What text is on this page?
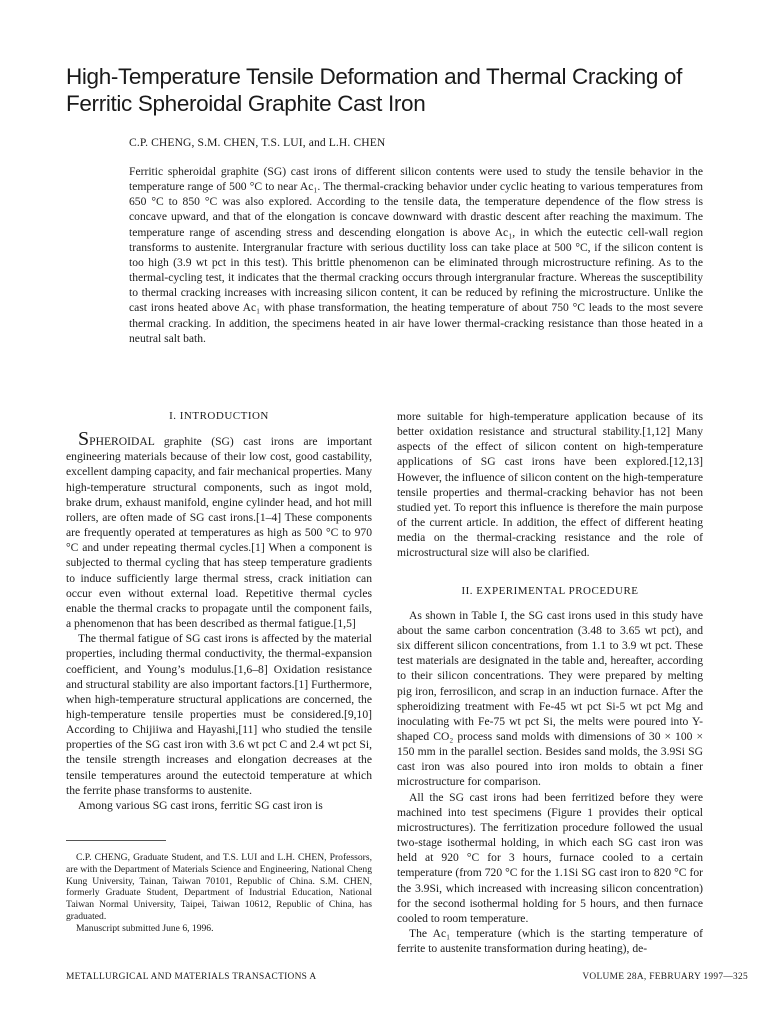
High-Temperature Tensile Deformation and Thermal Cracking of Ferritic Spheroidal Graphite Cast Iron
C.P. CHENG, S.M. CHEN, T.S. LUI, and L.H. CHEN

Ferritic spheroidal graphite (SG) cast irons of different silicon contents were used to study the tensile behavior in the temperature range of 500 °C to near Ac₁. The thermal-cracking behavior under cyclic heating to various temperatures from 650 °C to 850 °C was also explored. According to the tensile data, the temperature dependence of the flow stress is concave upward, and that of the elongation is concave downward with drastic descent after reaching the maximum. The temperature range of ascending stress and descending elongation is above Ac₁, in which the eutectic cell-wall region transforms to austenite. Intergranular fracture with serious ductility loss can take place at 500 °C, if the silicon content is too high (3.9 wt pct in this test). This brittle phenomenon can be eliminated through microstructure refining. As to the thermal-cycling test, it indicates that the thermal cracking occurs through intergranular fracture. Whereas the susceptibility to thermal cracking increases with increasing silicon content, it can be reduced by refining the microstructure. Unlike the cast irons heated above Ac₁ with phase transformation, the heating temperature of about 750 °C leads to the most severe thermal cracking. In addition, the specimens heated in air have lower thermal-cracking resistance than those heated in a neutral salt bath.

I. INTRODUCTION

SPHEROIDAL graphite (SG) cast irons are important engineering materials because of their low cost, good castability, excellent damping capacity, and fair mechanical properties. Many high-temperature structural components, such as ingot mold, brake drum, exhaust manifold, engine cylinder head, and hot mill rollers, are often made of SG cast irons.[1–4] These components are frequently operated at temperatures as high as 500 °C to 970 °C and under repeating thermal cycles.[1] When a component is subjected to thermal cycling that has steep temperature gradients to induce sufficiently large thermal stress, crack initiation can occur even without external load. Repetitive thermal cycles enable the thermal cracks to propagate until the component fails, a phenomenon that has been described as thermal fatigue.[1,5]

The thermal fatigue of SG cast irons is affected by the material properties, including thermal conductivity, the thermal-expansion coefficient, and Young’s modulus.[1,6–8] Oxidation resistance and structural stability are also important factors.[1] Furthermore, when high-temperature structural applications are concerned, the high-temperature tensile properties must be considered.[9,10] According to Chijiiwa and Hayashi,[11] who studied the tensile properties of the SG cast iron with 3.6 wt pct C and 2.4 wt pct Si, the tensile strength increases and elongation decreases at the tensile temperatures around the eutectoid temperature at which the ferrite phase transforms to austenite.

Among various SG cast irons, ferritic SG cast iron is

more suitable for high-temperature application because of its better oxidation resistance and structural stability.[1,12] Many aspects of the effect of silicon content on high-temperature applications of SG cast irons have been explored.[12,13] However, the influence of silicon content on the high-temperature tensile properties and thermal-cracking behavior has not been studied yet. To report this influence is therefore the main purpose of the current article. In addition, the effect of different heating media on the thermal-cracking resistance and the role of microstructural size will also be clarified.

II. EXPERIMENTAL PROCEDURE

As shown in Table I, the SG cast irons used in this study have about the same carbon concentration (3.48 to 3.65 wt pct), and six different silicon concentrations, from 1.1 to 3.9 wt pct. These test materials are designated in the table and, hereafter, according to their silicon concentrations. They were prepared by melting pig iron, ferrosilicon, and scrap in an induction furnace. After the spheroidizing treatment with Fe-45 wt pct Si-5 wt pct Mg and inoculating with Fe-75 wt pct Si, the melts were poured into Y-shaped CO₂ process sand molds with dimensions of 30 × 100 × 150 mm in the parallel section. Besides sand molds, the 3.9Si SG cast iron was also poured into iron molds to obtain a finer microstructure for comparison.

All the SG cast irons had been ferritized before they were machined into test specimens (Figure 1 provides their optical microstructures). The ferritization procedure followed the usual two-stage isothermal holding, in which each SG cast iron was held at 920 °C for 3 hours, furnace cooled to a certain temperature (from 720 °C for the 1.1Si SG cast iron to 820 °C for the 3.9Si, which increased with increasing silicon concentration) for the second isothermal holding for 5 hours, and then furnace cooled to room temperature.

The Ac₁ temperature (which is the starting temperature of ferrite to austenite transformation during heating), de-

C.P. CHENG, Graduate Student, and T.S. LUI and L.H. CHEN, Professors, are with the Department of Materials Science and Engineering, National Cheng Kung University, Tainan, Taiwan 70101, Republic of China. S.M. CHEN, formerly Graduate Student, Department of Industrial Education, National Taiwan Normal University, Taipei, Taiwan 10612, Republic of China, has graduated.

Manuscript submitted June 6, 1996.

METALLURGICAL AND MATERIALS TRANSACTIONS A	VOLUME 28A, FEBRUARY 1997—325
